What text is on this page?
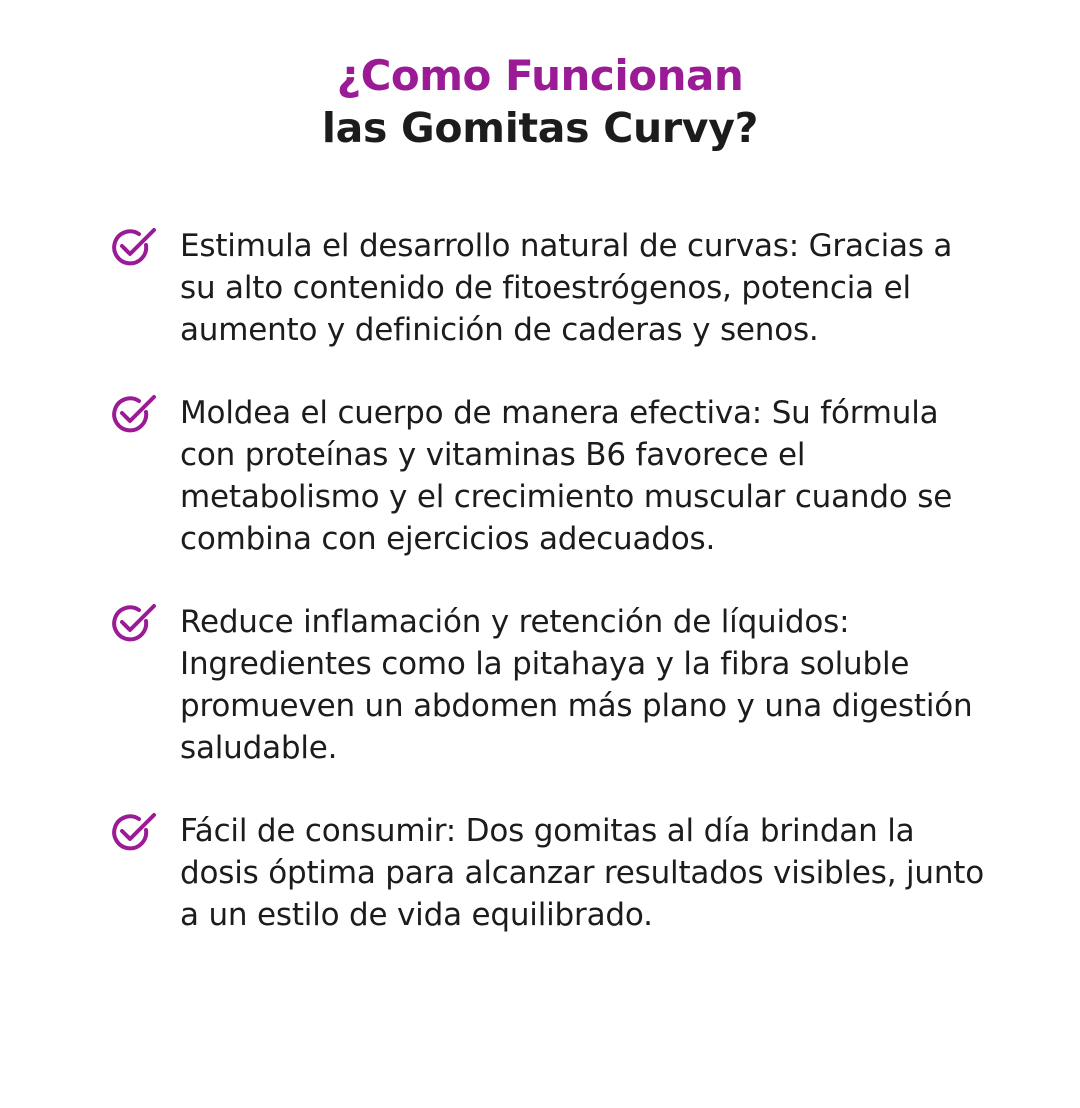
¿Como Funcionan
las Gomitas Curvy?
Estimula el desarrollo natural de curvas: Gracias a su alto contenido de fitoestrógenos, potencia el aumento y definición de caderas y senos.
Moldea el cuerpo de manera efectiva: Su fórmula con proteínas y vitaminas B6 favorece el metabolismo y el crecimiento muscular cuando se combina con ejercicios adecuados.
Reduce inflamación y retención de líquidos: Ingredientes como la pitahaya y la fibra soluble promueven un abdomen más plano y una digestión saludable.
Fácil de consumir: Dos gomitas al día brindan la dosis óptima para alcanzar resultados visibles, junto a un estilo de vida equilibrado.
